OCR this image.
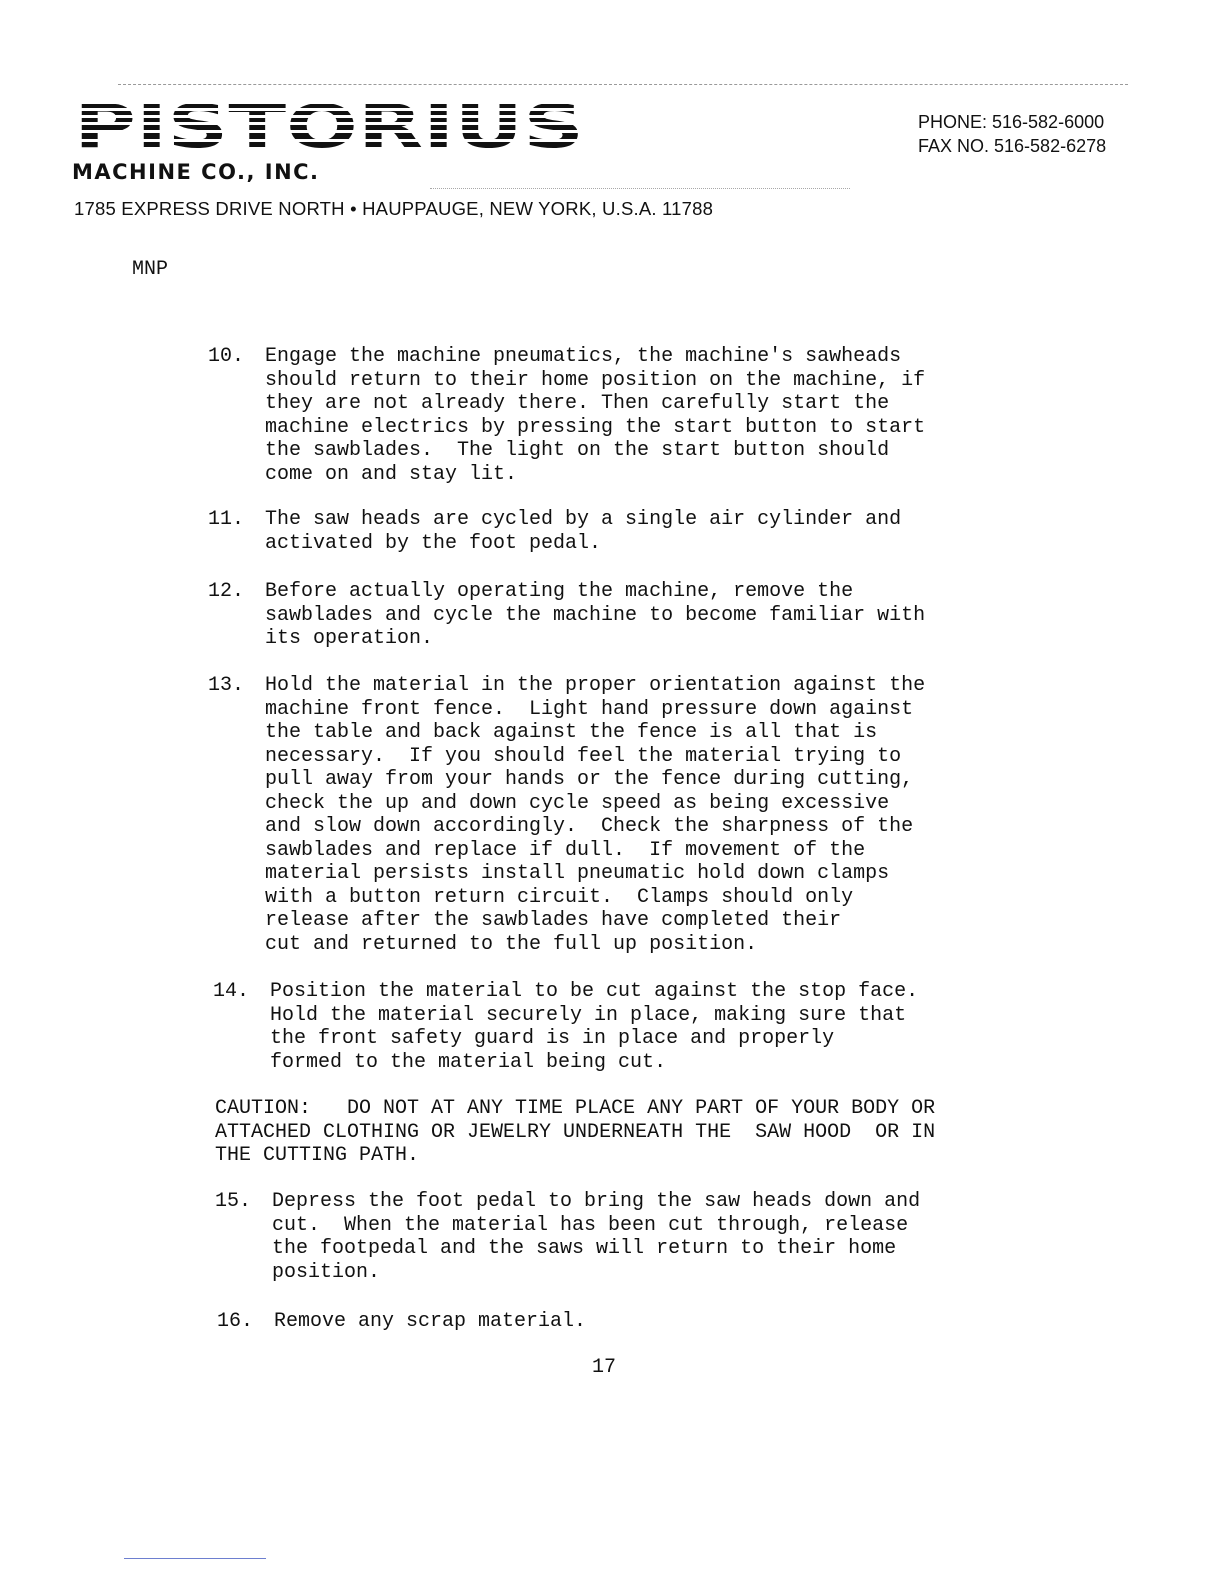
PISTORIUS
MACHINE CO., INC.
1785 EXPRESS DRIVE NORTH • HAUPPAUGE, NEW YORK, U.S.A. 11788
PHONE: 516-582-6000
FAX NO. 516-582-6278
MNP
10.	Engage the machine pneumatics, the machine's sawheads
should return to their home position on the machine, if
they are not already there. Then carefully start the
machine electrics by pressing the start button to start
the sawblades.  The light on the start button should
come on and stay lit.
11.	The saw heads are cycled by a single air cylinder and
activated by the foot pedal.
12.	Before actually operating the machine, remove the
sawblades and cycle the machine to become familiar with
its operation.
13.	Hold the material in the proper orientation against the
machine front fence.  Light hand pressure down against
the table and back against the fence is all that is
necessary.  If you should feel the material trying to
pull away from your hands or the fence during cutting,
check the up and down cycle speed as being excessive
and slow down accordingly.  Check the sharpness of the
sawblades and replace if dull.  If movement of the
material persists install pneumatic hold down clamps
with a button return circuit.  Clamps should only
release after the sawblades have completed their
cut and returned to the full up position.
14.	Position the material to be cut against the stop face.
Hold the material securely in place, making sure that
the front safety guard is in place and properly
formed to the material being cut.
CAUTION:   DO NOT AT ANY TIME PLACE ANY PART OF YOUR BODY OR
ATTACHED CLOTHING OR JEWELRY UNDERNEATH THE  SAW HOOD  OR IN
THE CUTTING PATH.
15.	Depress the foot pedal to bring the saw heads down and
cut.  When the material has been cut through, release
the footpedal and the saws will return to their home
position.
16.	Remove any scrap material.
17
